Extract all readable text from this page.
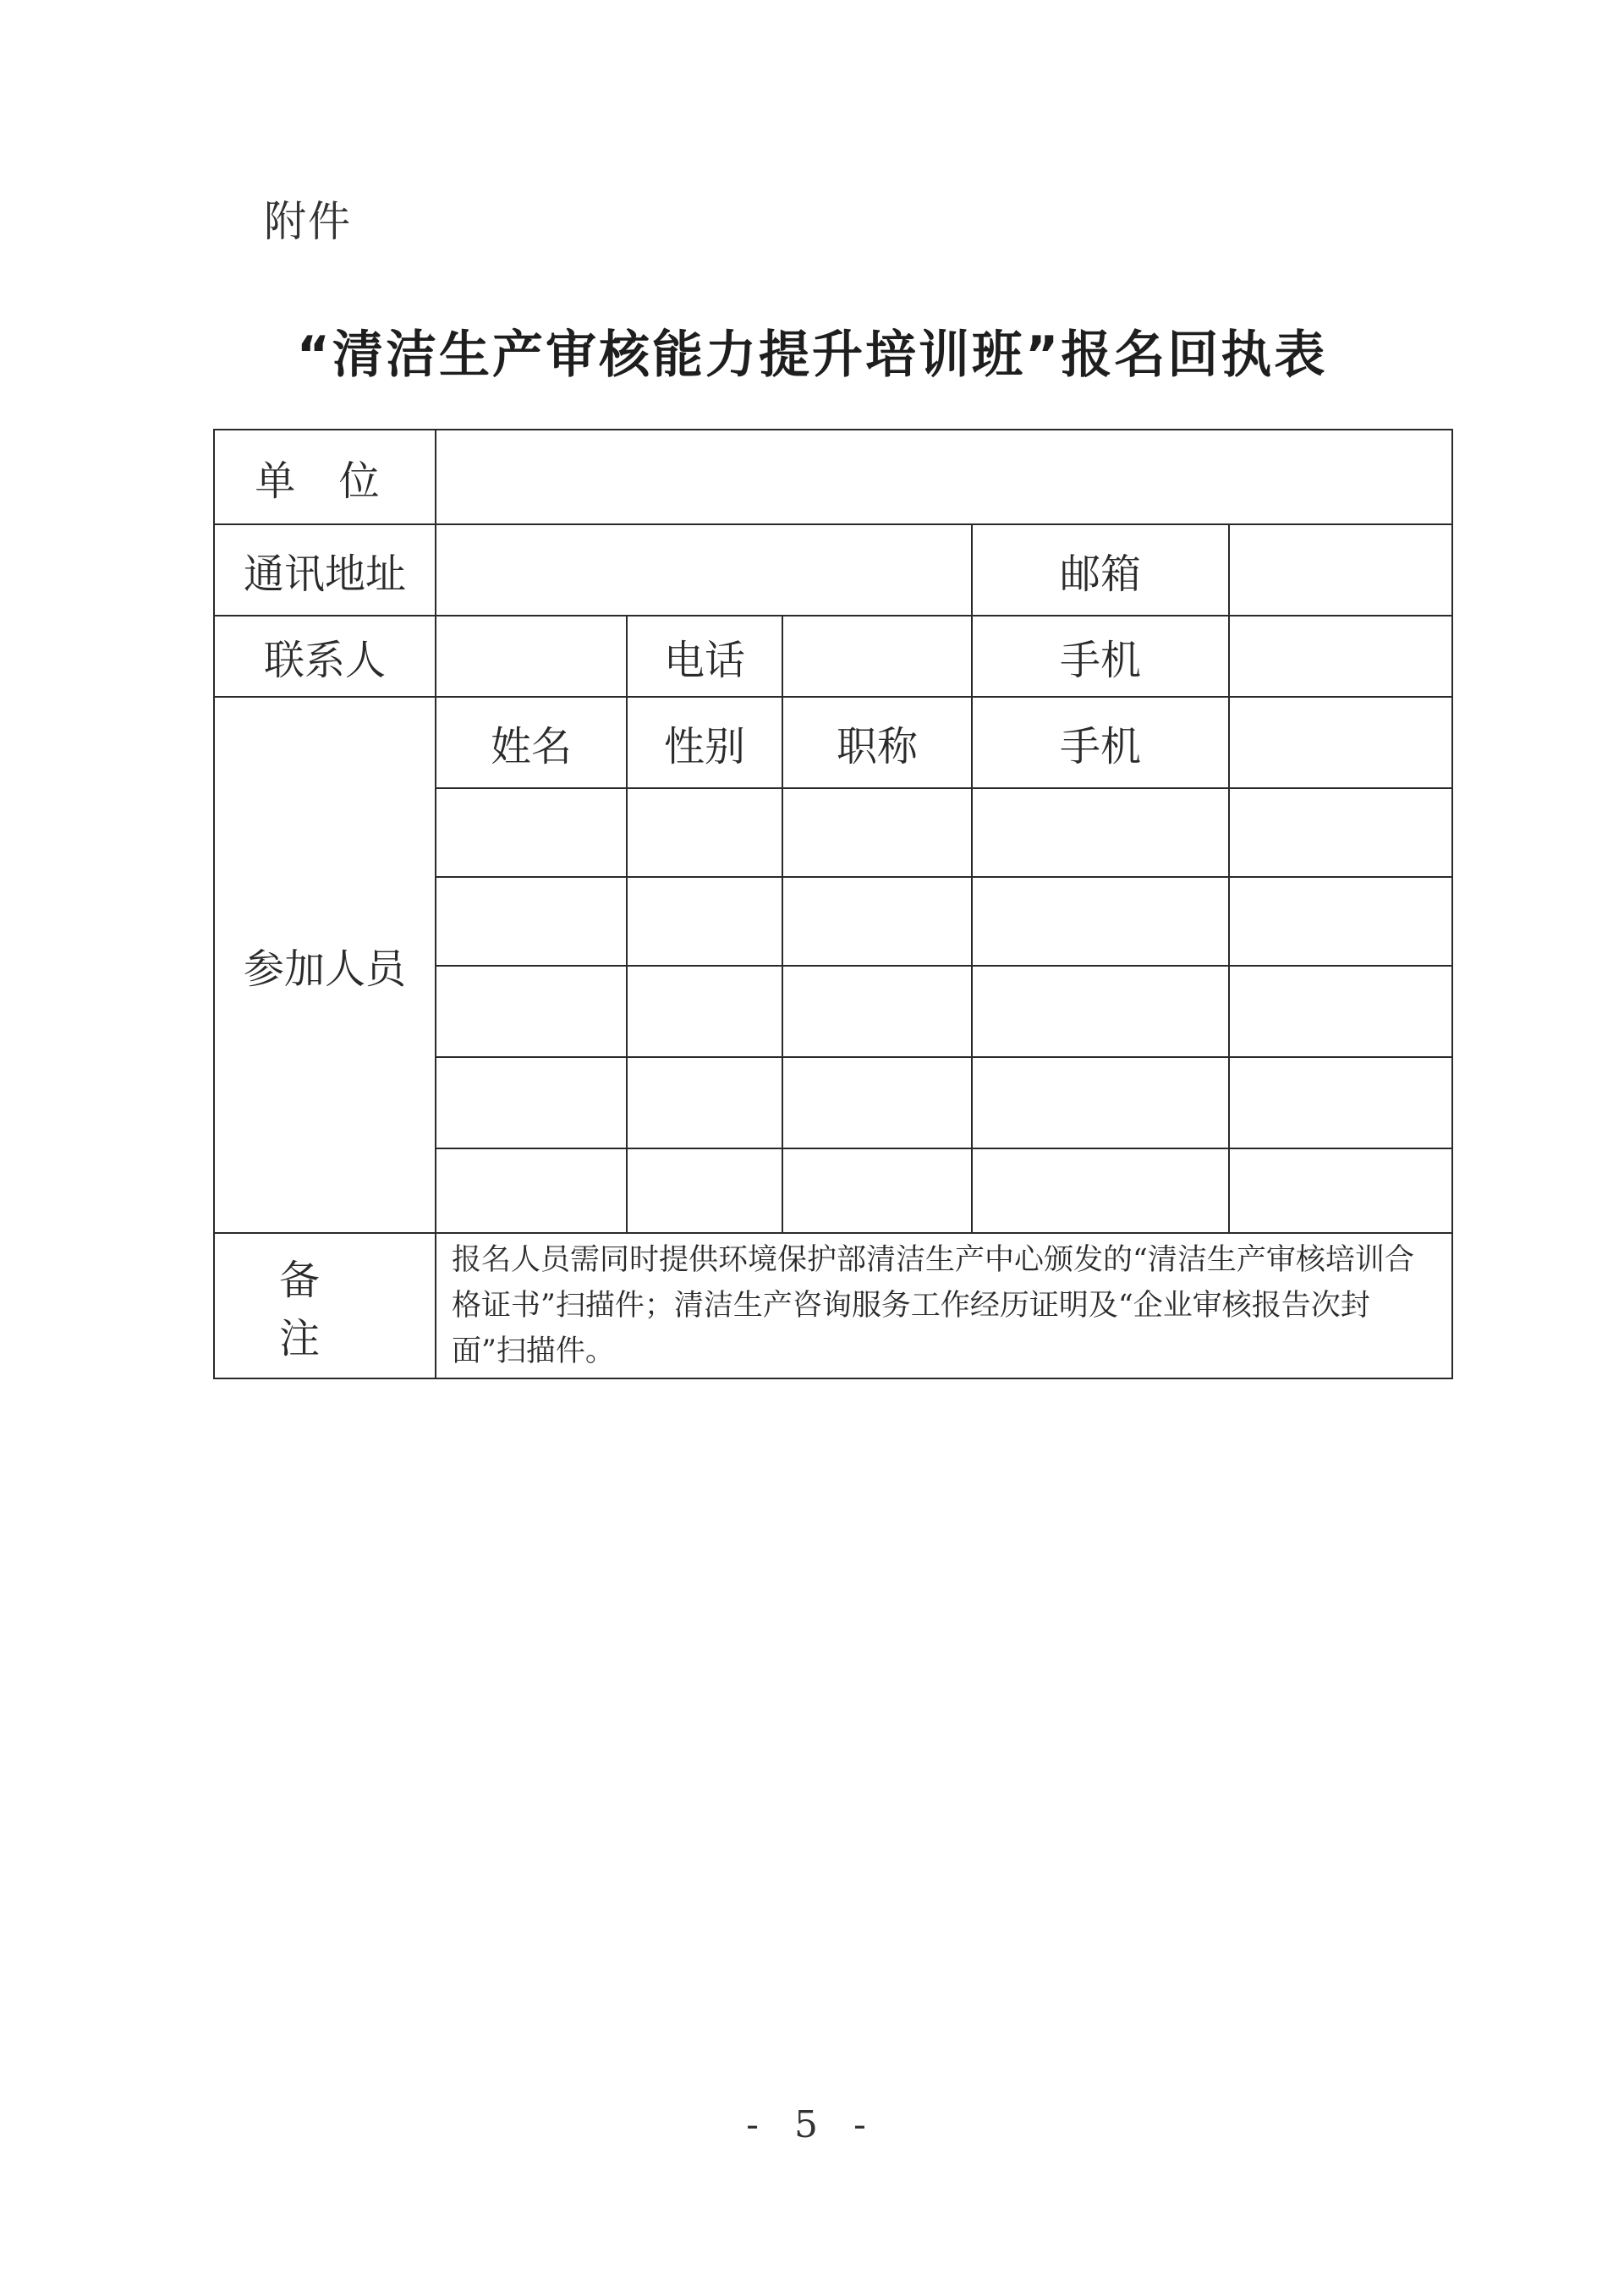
附件
“清洁生产审核能力提升培训班”报名回执表
单 位					
通讯地址				邮箱	
联系人		电话		手机	
参加人员	姓名	性别	职称	手机	

备 注	报名人员需同时提供环境保护部清洁生产中心颁发的“清洁生产审核培训合格证书”扫描件；清洁生产咨询服务工作经历证明及“企业审核报告次封面”扫描件。				
- 5 -
